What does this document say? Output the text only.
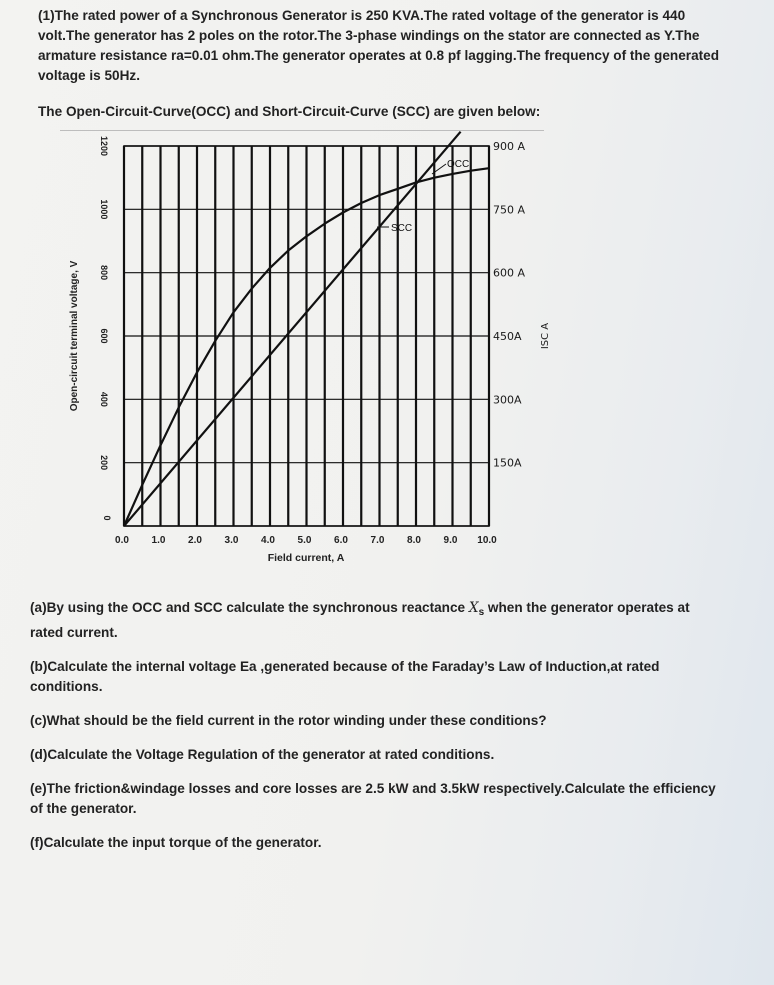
(1)The rated power of a Synchronous Generator is 250 KVA.The rated voltage of the generator is 440 volt.The generator has 2 poles on the rotor.The 3-phase windings on the stator are connected as Y.The armature resistance ra=0.01 ohm.The generator operates at 0.8 pf lagging.The frequency of the generated voltage is 50Hz.

The Open-Circuit-Curve(OCC) and Short-Circuit-Curve (SCC) are given below:
0
200
400
600
800
1000
1200
0.0 1.0 2.0 3.0 4.0 5.0 6.0 7.0 8.0 9.0 10.0
Field current, A
Open-circuit terminal voltage, V
150A
300A
450A
600 A
750 A
900 A
ISC A
OCC
SCC

(a)By using the OCC and SCC calculate the synchronous reactance $X_s$ when the generator operates at rated current.

(b)Calculate the internal voltage Ea ,generated because of the Faraday’s Law of Induction,at rated conditions.

(c)What should be the field current in the rotor winding under these conditions?

(d)Calculate the Voltage Regulation of the generator at rated conditions.

(e)The friction&windage losses and core losses are 2.5 kW and 3.5kW respectively.Calculate the efficiency of the generator.

(f)Calculate the input torque of the generator.
